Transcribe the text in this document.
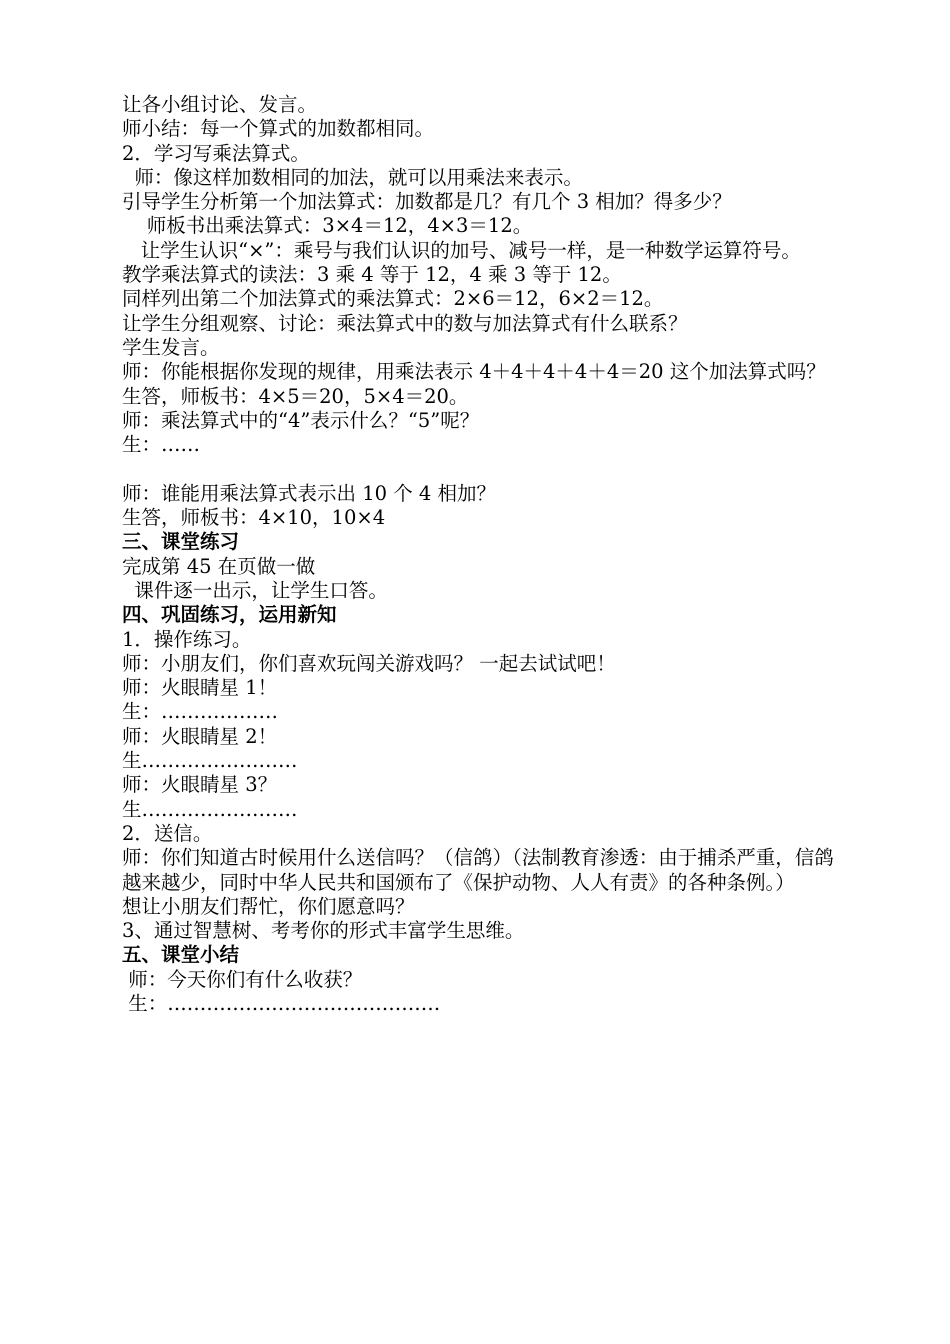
让各小组讨论、发言。
师小结：每一个算式的加数都相同。
2．学习写乘法算式。
师：像这样加数相同的加法，就可以用乘法来表示。
引导学生分析第一个加法算式：加数都是几？有几个 3 相加？得多少？
师板书出乘法算式：3×4＝12，4×3＝12。
让学生认识“×”：乘号与我们认识的加号、减号一样，是一种数学运算符号。
教学乘法算式的读法：3 乘 4 等于 12，4 乘 3 等于 12。
同样列出第二个加法算式的乘法算式：2×6＝12，6×2＝12。
让学生分组观察、讨论：乘法算式中的数与加法算式有什么联系？
学生发言。
师：你能根据你发现的规律，用乘法表示 4＋4＋4＋4＋4＝20 这个加法算式吗？
生答，师板书：4×5＝20，5×4＝20。
师：乘法算式中的“4”表示什么？“5”呢？
生：……
师：谁能用乘法算式表示出 10 个 4 相加？
生答，师板书：4×10，10×4
三、课堂练习
完成第 45 在页做一做
课件逐一出示，让学生口答。
四、巩固练习，运用新知
1．操作练习。
师：小朋友们，你们喜欢玩闯关游戏吗？ 一起去试试吧！
师：火眼睛星 1！
生：………………
师：火眼睛星 2！
生……………………
师：火眼睛星 3？
生……………………
2．送信。
师：你们知道古时候用什么送信吗？（信鸽）（法制教育渗透：由于捕杀严重，信鸽越来越少，同时中华人民共和国颁布了《保护动物、人人有责》的各种条例。）
想让小朋友们帮忙，你们愿意吗？
3、通过智慧树、考考你的形式丰富学生思维。
五、课堂小结
师：今天你们有什么收获？
生：……………………………………
